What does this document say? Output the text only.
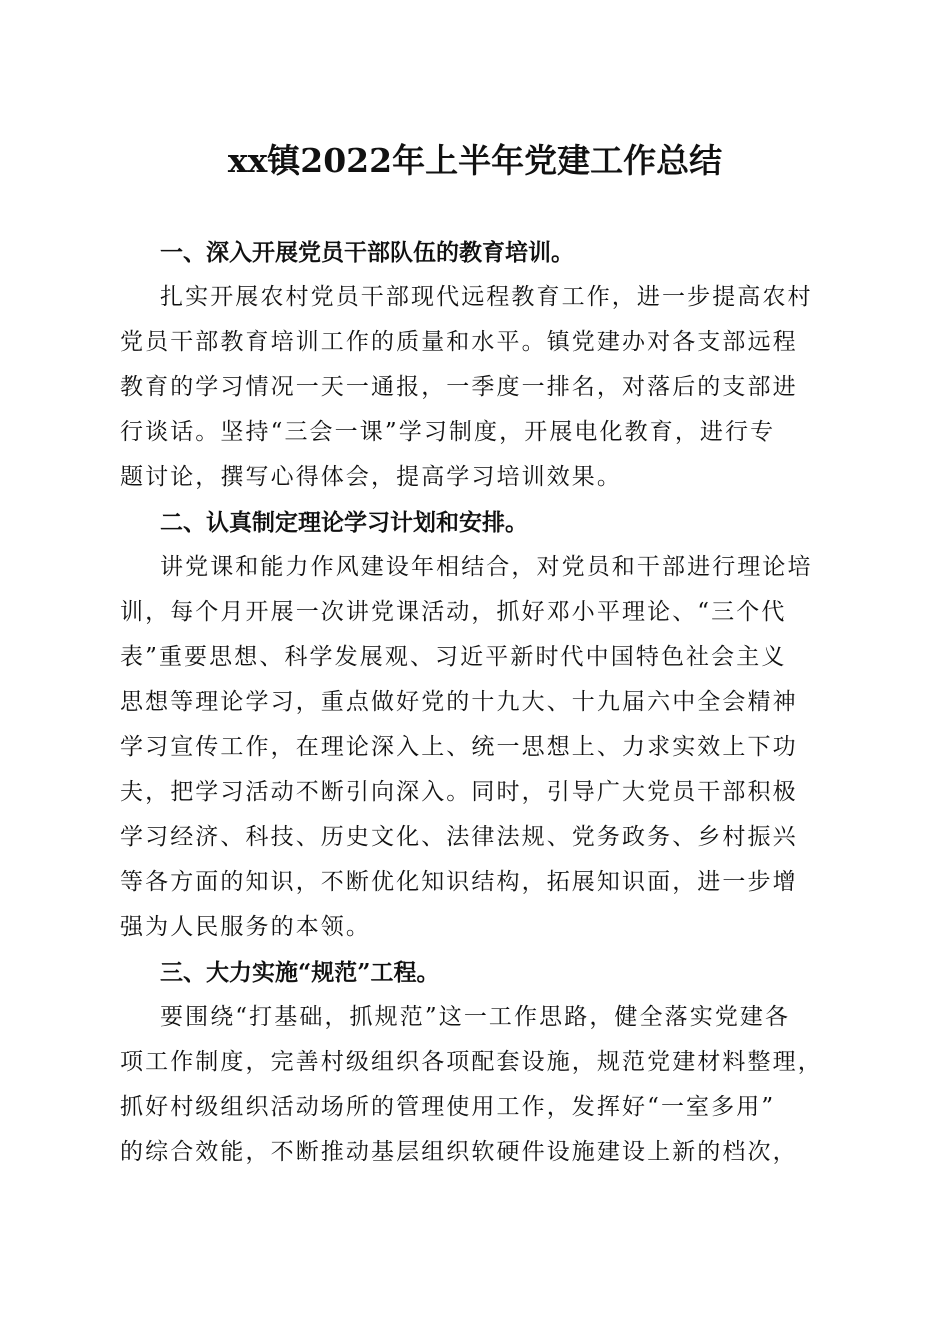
xx镇2022年上半年党建工作总结
一、深入开展党员干部队伍的教育培训。
扎实开展农村党员干部现代远程教育工作，进一步提高农村
党员干部教育培训工作的质量和水平。镇党建办对各支部远程
教育的学习情况一天一通报，一季度一排名，对落后的支部进
行谈话。坚持“三会一课”学习制度，开展电化教育，进行专
题讨论，撰写心得体会，提高学习培训效果。
二、认真制定理论学习计划和安排。
讲党课和能力作风建设年相结合，对党员和干部进行理论培
训，每个月开展一次讲党课活动，抓好邓小平理论、“三个代
表”重要思想、科学发展观、习近平新时代中国特色社会主义
思想等理论学习，重点做好党的十九大、十九届六中全会精神
学习宣传工作，在理论深入上、统一思想上、力求实效上下功
夫，把学习活动不断引向深入。同时，引导广大党员干部积极
学习经济、科技、历史文化、法律法规、党务政务、乡村振兴
等各方面的知识，不断优化知识结构，拓展知识面，进一步增
强为人民服务的本领。
三、大力实施“规范”工程。
要围绕“打基础，抓规范”这一工作思路，健全落实党建各
项工作制度，完善村级组织各项配套设施，规范党建材料整理，
抓好村级组织活动场所的管理使用工作，发挥好“一室多用”
的综合效能，不断推动基层组织软硬件设施建设上新的档次，
